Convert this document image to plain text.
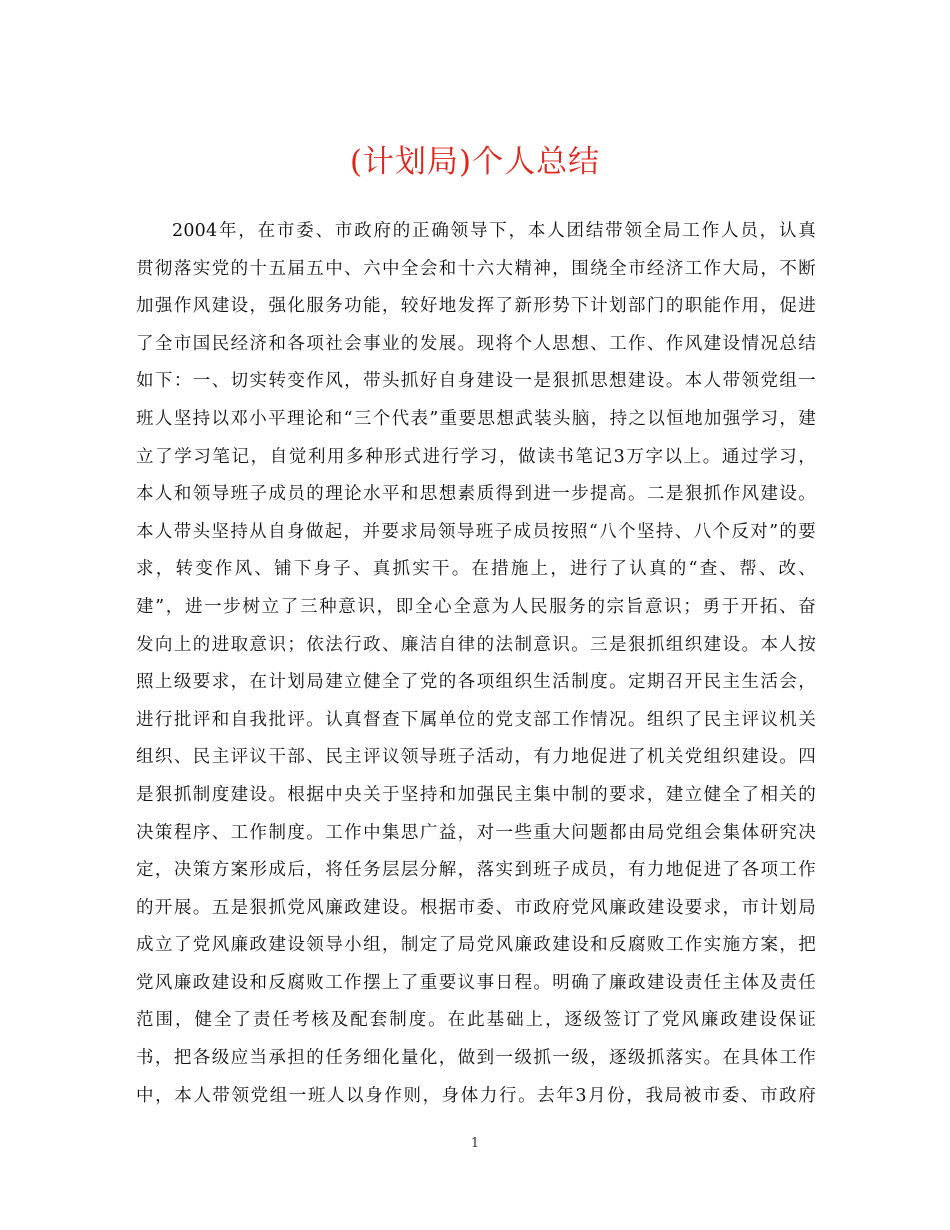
(计划局)个人总结
2004年，在市委、市政府的正确领导下，本人团结带领全局工作人员，认真
贯彻落实党的十五届五中、六中全会和十六大精神，围绕全市经济工作大局，不断
加强作风建设，强化服务功能，较好地发挥了新形势下计划部门的职能作用，促进
了全市国民经济和各项社会事业的发展。现将个人思想、工作、作风建设情况总结
如下：一、切实转变作风，带头抓好自身建设一是狠抓思想建设。本人带领党组一
班人坚持以邓小平理论和“三个代表”重要思想武装头脑，持之以恒地加强学习，建
立了学习笔记，自觉利用多种形式进行学习，做读书笔记3万字以上。通过学习，
本人和领导班子成员的理论水平和思想素质得到进一步提高。二是狠抓作风建设。
本人带头坚持从自身做起，并要求局领导班子成员按照“八个坚持、八个反对”的要
求，转变作风、铺下身子、真抓实干。在措施上，进行了认真的“查、帮、改、
建”，进一步树立了三种意识，即全心全意为人民服务的宗旨意识；勇于开拓、奋
发向上的进取意识；依法行政、廉洁自律的法制意识。三是狠抓组织建设。本人按
照上级要求，在计划局建立健全了党的各项组织生活制度。定期召开民主生活会，
进行批评和自我批评。认真督查下属单位的党支部工作情况。组织了民主评议机关
组织、民主评议干部、民主评议领导班子活动，有力地促进了机关党组织建设。四
是狠抓制度建设。根据中央关于坚持和加强民主集中制的要求，建立健全了相关的
决策程序、工作制度。工作中集思广益，对一些重大问题都由局党组会集体研究决
定，决策方案形成后，将任务层层分解，落实到班子成员，有力地促进了各项工作
的开展。五是狠抓党风廉政建设。根据市委、市政府党风廉政建设要求，市计划局
成立了党风廉政建设领导小组，制定了局党风廉政建设和反腐败工作实施方案，把
党风廉政建设和反腐败工作摆上了重要议事日程。明确了廉政建设责任主体及责任
范围，健全了责任考核及配套制度。在此基础上，逐级签订了党风廉政建设保证
书，把各级应当承担的任务细化量化，做到一级抓一级，逐级抓落实。在具体工作
中，本人带领党组一班人以身作则，身体力行。去年3月份，我局被市委、市政府
1
